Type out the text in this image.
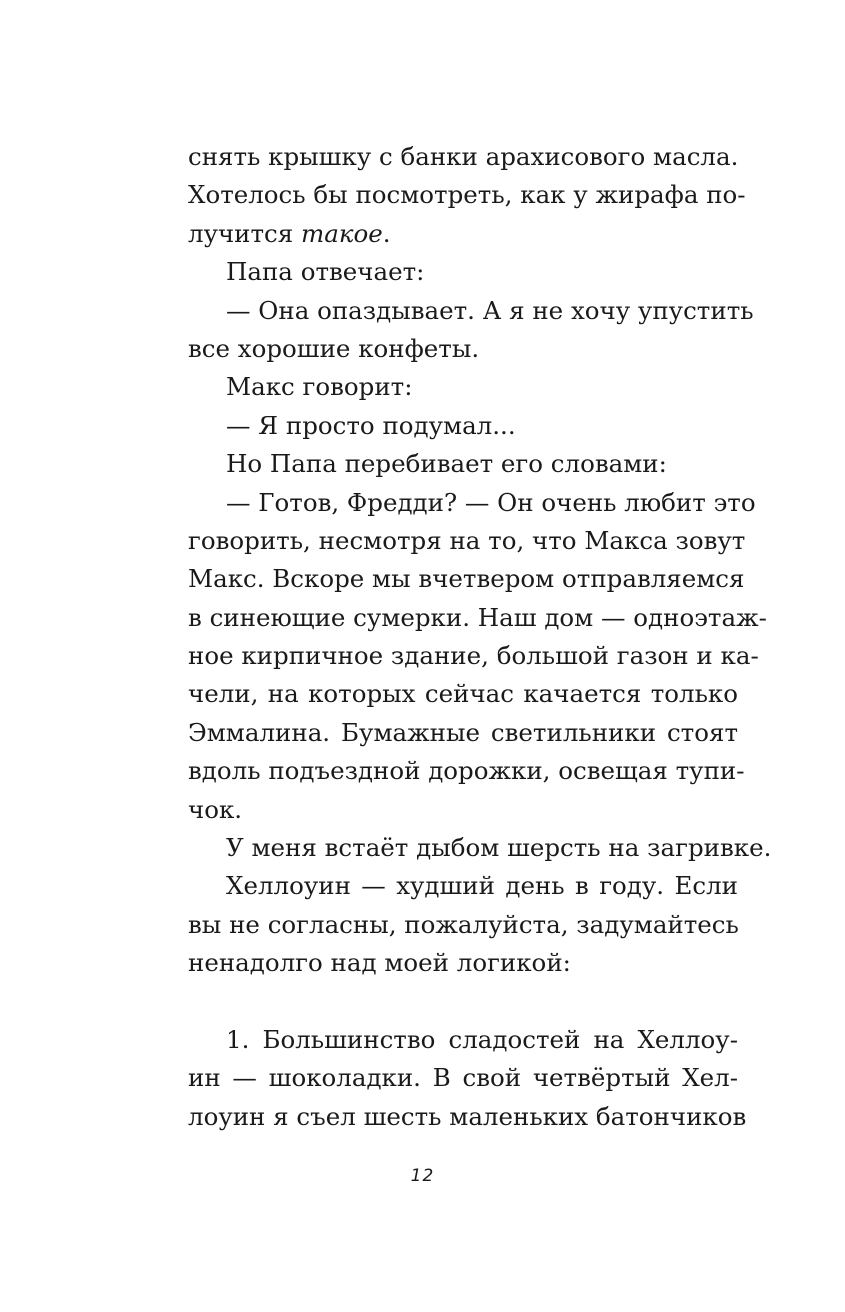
снять крышку с банки арахисового масла.
Хотелось бы посмотреть, как у жирафа по-
лучится такое.
Папа отвечает:
— Она опаздывает. А я не хочу упустить
все хорошие конфеты.
Макс говорит:
— Я просто подумал...
Но Папа перебивает его словами:
— Готов, Фредди? — Он очень любит это
говорить, несмотря на то, что Макса зовут
Макс. Вскоре мы вчетвером отправляемся
в синеющие сумерки. Наш дом — одноэтаж-
ное кирпичное здание, большой газон и ка-
чели, на которых сейчас качается только
Эммалина. Бумажные светильники стоят
вдоль подъездной дорожки, освещая тупи-
чок.
У меня встаёт дыбом шерсть на загривке.
Хеллоуин — худший день в году. Если
вы не согласны, пожалуйста, задумайтесь
ненадолго над моей логикой:
1. Большинство сладостей на Хеллоу-
ин — шоколадки. В свой четвёртый Хел-
лоуин я съел шесть маленьких батончиков
12
